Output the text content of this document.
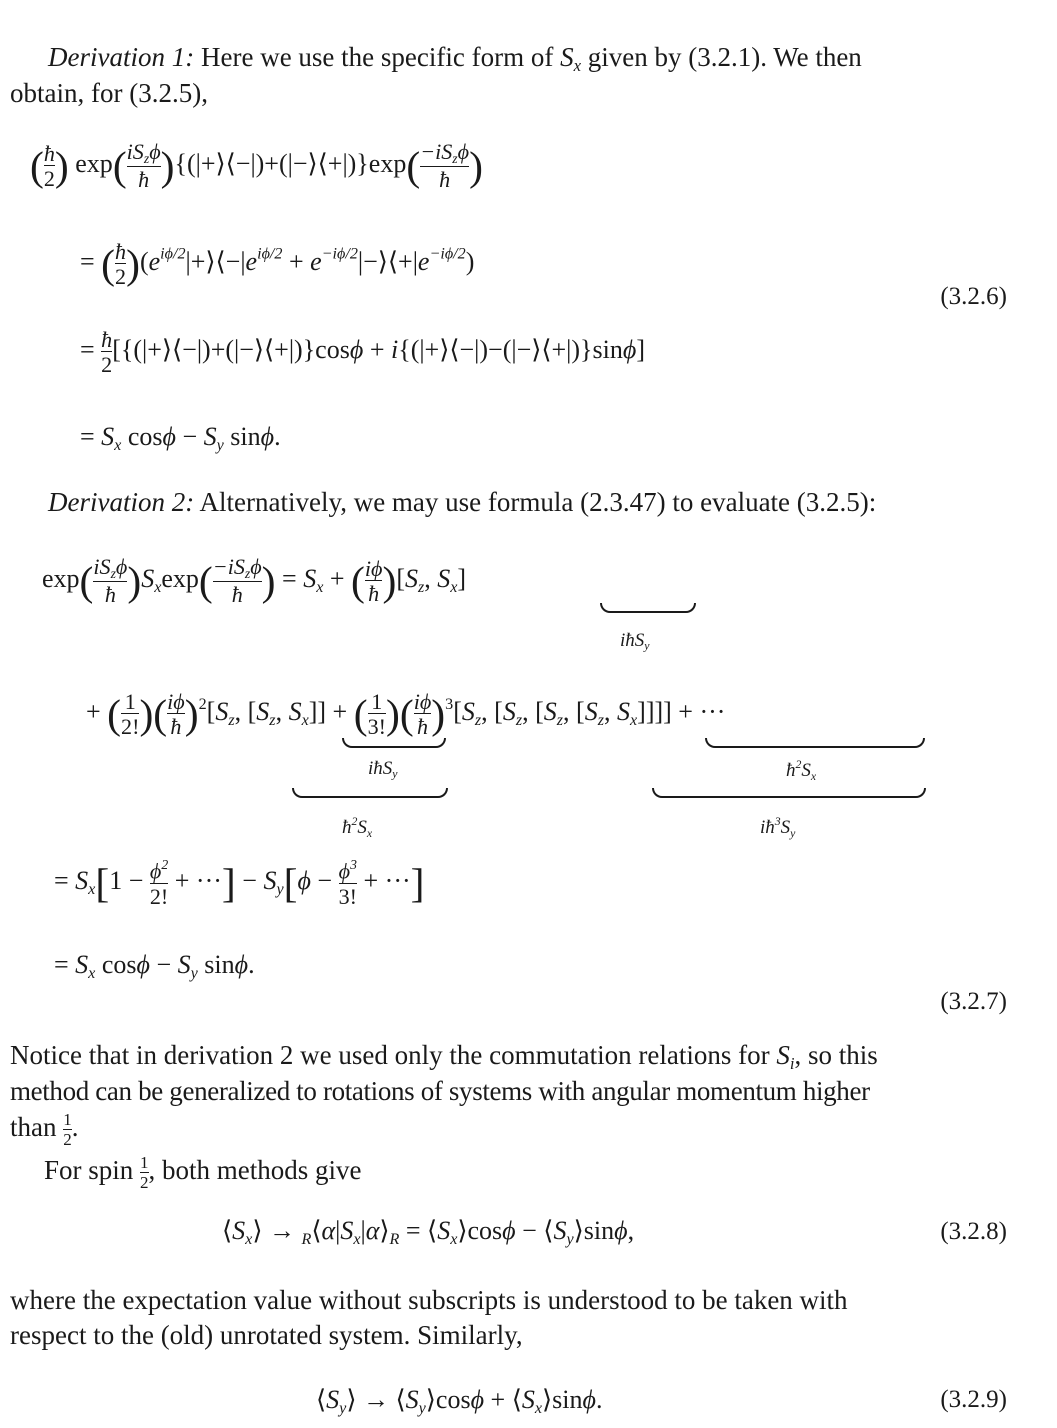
Derivation 1: Here we use the specific form of $S_x$ given by (3.2.1). We then
obtain, for (3.2.5),
( $\frac{ħ}{2}$ ) $\exp( \frac{iS_z\phi}{ħ}$ ){(|+⟩⟨−|)+(|−⟩⟨+|)}exp( $\frac{-iS_z\phi}{ħ}$ )
= ( $\frac{ħ}{2}$ )($e^{i\phi/2}|+⟩⟨-|e^{i\phi/2}$ + $e^{-i\phi/2}|-⟩⟨+|e^{-i\phi/2}$)
(3.2.6)
= $\frac{ħ}{2}$ [{(|+⟩⟨−|)+(|−⟩⟨+|)}cosϕ + i{(|+⟩⟨−|)−(|−⟩⟨+|)}sinϕ]
= $S_x$ $\cos\phi - S_y$ sinϕ.
Derivation 2: Alternatively, we may use formula (2.3.47) to evaluate (3.2.5):
$\exp( \frac{iS_z\phi}{ħ} )S_x\exp( \frac{-iS_z\phi}{ħ}$ ) = $S_x$ + ( $\frac{i\phi}{ħ} )[S_z$, $S_x$]
iħS$_y$
+ ( $\frac{1}{2!}$ )( $\frac{i\phi}{ħ} )^2[S_z$, [$S_z$, $S_x$]] + ( $\frac{1}{3!}$ )( $\frac{i\phi}{ħ} )^3[S_z$, [$S_z$, [$S_z$, [$S_z$, $S_x$]]]] + ···
iħS$_y$
$ħ^2S_x$
$ħ^2S_x$
$iħ^3S_y$
= $S_x[1 - \frac{\phi^2}{2!}$ + ···] − $S_y[\phi - \frac{\phi^3}{3!}$ + ···]
= $S_x$ $\cos\phi - S_y$ sinϕ.
(3.2.7)
Notice that in derivation 2 we used only the commutation relations for $S_i$, so this
method can be generalized to rotations of systems with angular momentum higher
than $\frac{1}{2}$ .
For spin $\frac{1}{2}$ , both methods give
$⟨S_x⟩$ → $_R⟨\alpha|S_x|\alpha⟩_R$ = $⟨S_x⟩\cos\phi$ − $⟨S_y⟩\sin\phi$,	(3.2.8)
where the expectation value without subscripts is understood to be taken with
respect to the (old) unrotated system. Similarly,
$⟨S_y⟩$ → $⟨S_y⟩\cos\phi$ + $⟨S_x⟩\sin\phi$.	(3.2.9)
